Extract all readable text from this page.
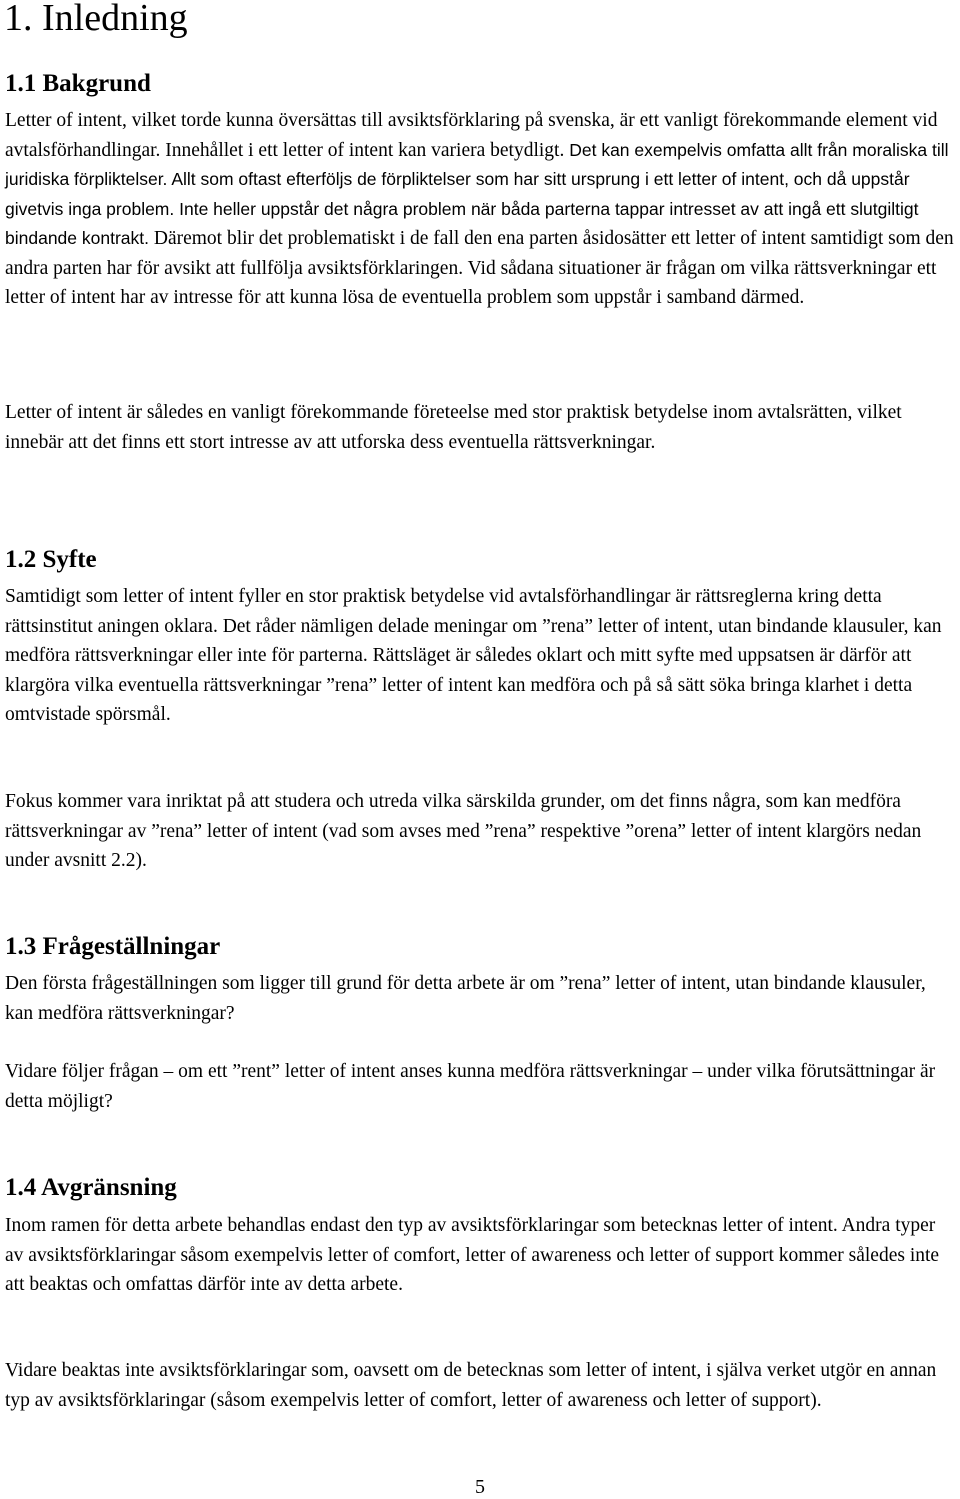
1. Inledning
1.1 Bakgrund

Letter of intent, vilket torde kunna översättas till avsiktsförklaring på svenska, är ett vanligt förekommande element vid avtalsförhandlingar. Innehållet i ett letter of intent kan variera betydligt. Det kan exempelvis omfatta allt från moraliska till juridiska förpliktelser. Allt som oftast efterföljs de förpliktelser som har sitt ursprung i ett letter of intent, och då uppstår givetvis inga problem. Inte heller uppstår det några problem när båda parterna tappar intresset av att ingå ett slutgiltigt bindande kontrakt. Däremot blir det problematiskt i de fall den ena parten åsidosätter ett letter of intent samtidigt som den andra parten har för avsikt att fullfölja avsiktsförklaringen. Vid sådana situationer är frågan om vilka rättsverkningar ett letter of intent har av intresse för att kunna lösa de eventuella problem som uppstår i samband därmed.

Letter of intent är således en vanligt förekommande företeelse med stor praktisk betydelse inom avtalsrätten, vilket innebär att det finns ett stort intresse av att utforska dess eventuella rättsverkningar.

1.2 Syfte

Samtidigt som letter of intent fyller en stor praktisk betydelse vid avtalsförhandlingar är rättsreglerna kring detta rättsinstitut aningen oklara. Det råder nämligen delade meningar om ”rena” letter of intent, utan bindande klausuler, kan medföra rättsverkningar eller inte för parterna. Rättsläget är således oklart och mitt syfte med uppsatsen är därför att klargöra vilka eventuella rättsverkningar ”rena” letter of intent kan medföra och på så sätt söka bringa klarhet i detta omtvistade spörsmål.

Fokus kommer vara inriktat på att studera och utreda vilka särskilda grunder, om det finns några, som kan medföra rättsverkningar av ”rena” letter of intent (vad som avses med ”rena” respektive ”orena” letter of intent klargörs nedan under avsnitt 2.2).

1.3 Frågeställningar

Den första frågeställningen som ligger till grund för detta arbete är om ”rena” letter of intent, utan bindande klausuler, kan medföra rättsverkningar?

Vidare följer frågan – om ett ”rent” letter of intent anses kunna medföra rättsverkningar – under vilka förutsättningar är detta möjligt?

1.4 Avgränsning

Inom ramen för detta arbete behandlas endast den typ av avsiktsförklaringar som betecknas letter of intent. Andra typer av avsiktsförklaringar såsom exempelvis letter of comfort, letter of awareness och letter of support kommer således inte att beaktas och omfattas därför inte av detta arbete.

Vidare beaktas inte avsiktsförklaringar som, oavsett om de betecknas som letter of intent, i själva verket utgör en annan typ av avsiktsförklaringar (såsom exempelvis letter of comfort, letter of awareness och letter of support).

5
